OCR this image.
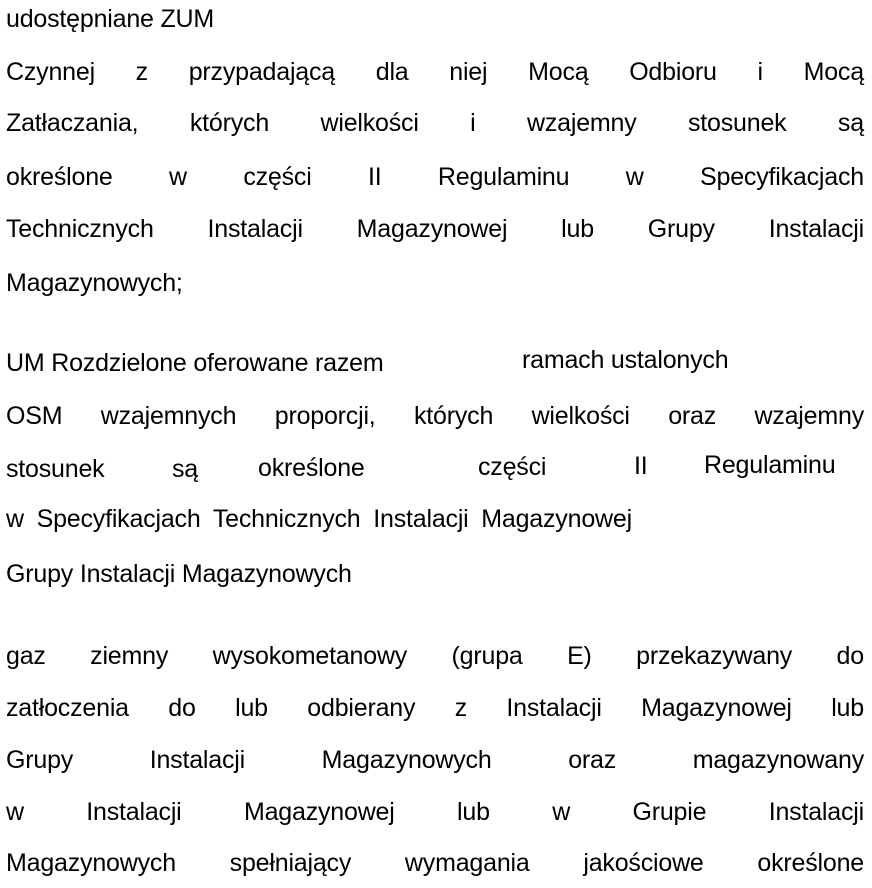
udostępniane ZUM
Czynnej z przypadającą dla niej Mocą Odbioru i Mocą
Zatłaczania, których wielkości i wzajemny stosunek są
określone w części II Regulaminu w Specyfikacjach
Technicznych Instalacji Magazynowej lub Grupy Instalacji
Magazynowych;
UM Rozdzielone oferowane razem	ramach ustalonych
OSM wzajemnych proporcji, których wielkości oraz wzajemny
stosunek	są określone	części	II Regulaminu
w Specyfikacjach Technicznych Instalacji Magazynowej
Grupy Instalacji Magazynowych
gaz ziemny wysokometanowy (grupa E) przekazywany do
zatłoczenia do lub odbierany z Instalacji Magazynowej lub
Grupy	Instalacji	Magazynowych	oraz	magazynowany
w Instalacji Magazynowej lub w Grupie Instalacji
Magazynowych spełniający wymagania jakościowe określone
